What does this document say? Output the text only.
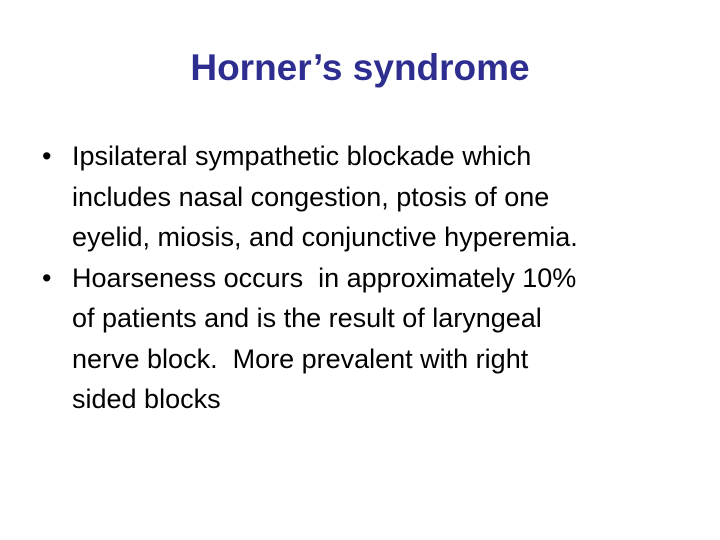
Horner’s syndrome
• Ipsilateral sympathetic blockade which
includes nasal congestion, ptosis of one
eyelid, miosis, and conjunctive hyperemia.
• Hoarseness occurs  in approximately 10%
of patients and is the result of laryngeal
nerve block.  More prevalent with right
sided blocks
